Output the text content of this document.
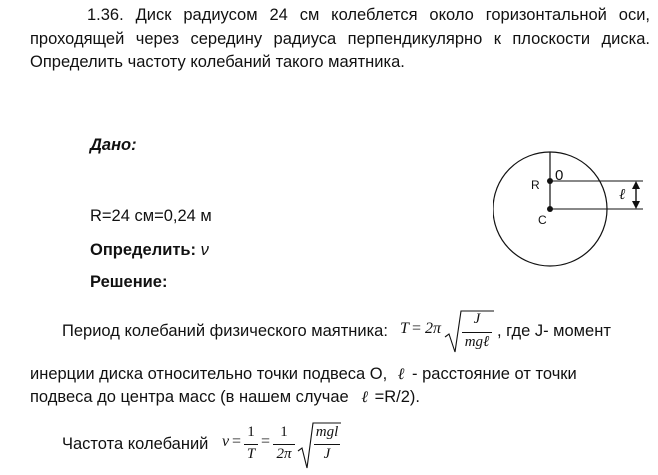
1.36. Диск радиусом 24 см колеблется около горизонтальной оси, проходящей через середину радиуса перпендикулярно к плоскости диска. Определить частоту колебаний такого маятника.
Дано:
R=24 см=0,24 м
Определить: ν
Решение:
R
0
C
ℓ
Период колебаний физического маятника: T = 2π
J
mgℓ
, где J- момент
инерции диска относительно точки подвеса О, ℓ - расстояние от точки
подвеса до центра масс (в нашем случае ℓ =R/2).
Частота колебаний ν =
1
T
=
1
2π
mgl
J
